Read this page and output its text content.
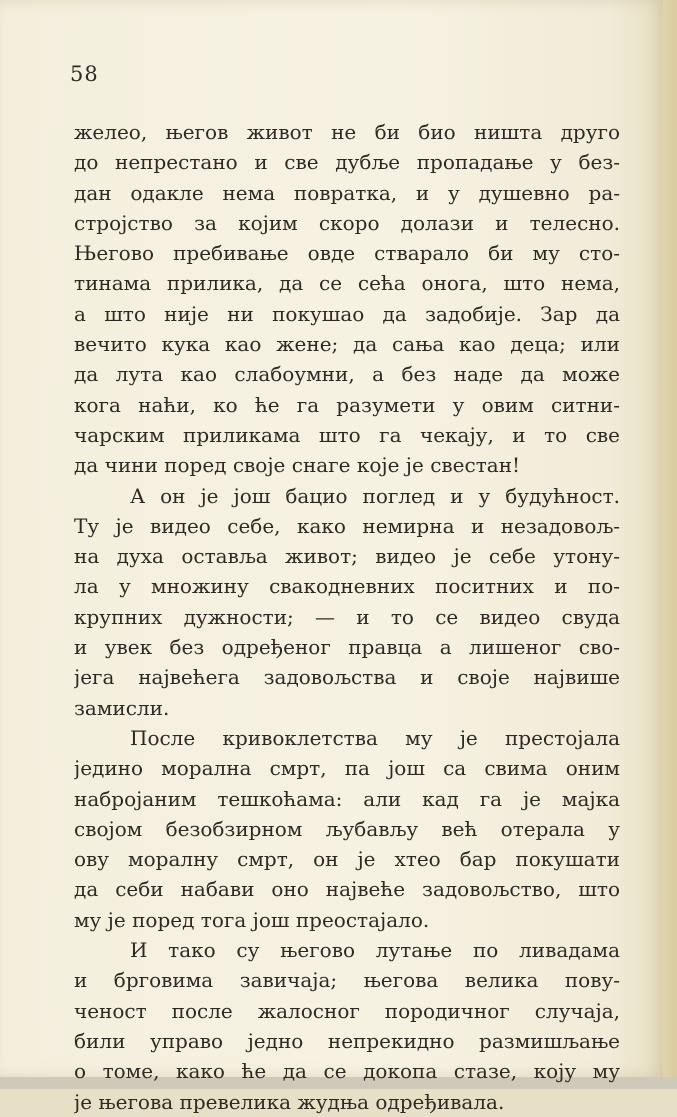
58
желео, његов живот не би био ништа друго
до непрестано и све дубље пропадање у без-
дан одакле нема повратка, и у душевно ра-
стројство за којим скоро долази и телесно.
Његово пребивање овде стварало би му сто-
тинама прилика, да се сећа онога, што нема,
а што није ни покушао да задобије. Зар да
вечито кука као жене; да сања као деца; или
да лута као слабоумни, а без наде да може
кога наћи, ко ће га разумети у овим ситни-
чарским приликама што га чекају, и то све
да чини поред своје снаге које је свестан!
А он је још бацио поглед и у будућност.
Ту је видео себе, како немирна и незадовољ-
на духа оставља живот; видео је себе утону-
ла у множину свакодневних поситних и по-
крупних дужности; — и то се видео свуда
и увек без одређеног правца а лишеног сво-
јега највећега задовољства и своје највише
замисли.
После кривоклетства му је престојала
једино морална смрт, па још са свима оним
набројаним тешкоћама: али кад га је мајка
својом безобзирном љубављу већ отерала у
ову моралну смрт, он је хтео бар покушати
да себи набави оно највеће задовољство, што
му је поред тога још преостајало.
И тако су његово лутање по ливадама
и брговима завичаја; његова велика пову-
ченост после жалосног породичног случаја,
били управо једно непрекидно размишљање
о томе, како ће да се докопа стазе, коју му
је његова превелика жудња одређивала.
